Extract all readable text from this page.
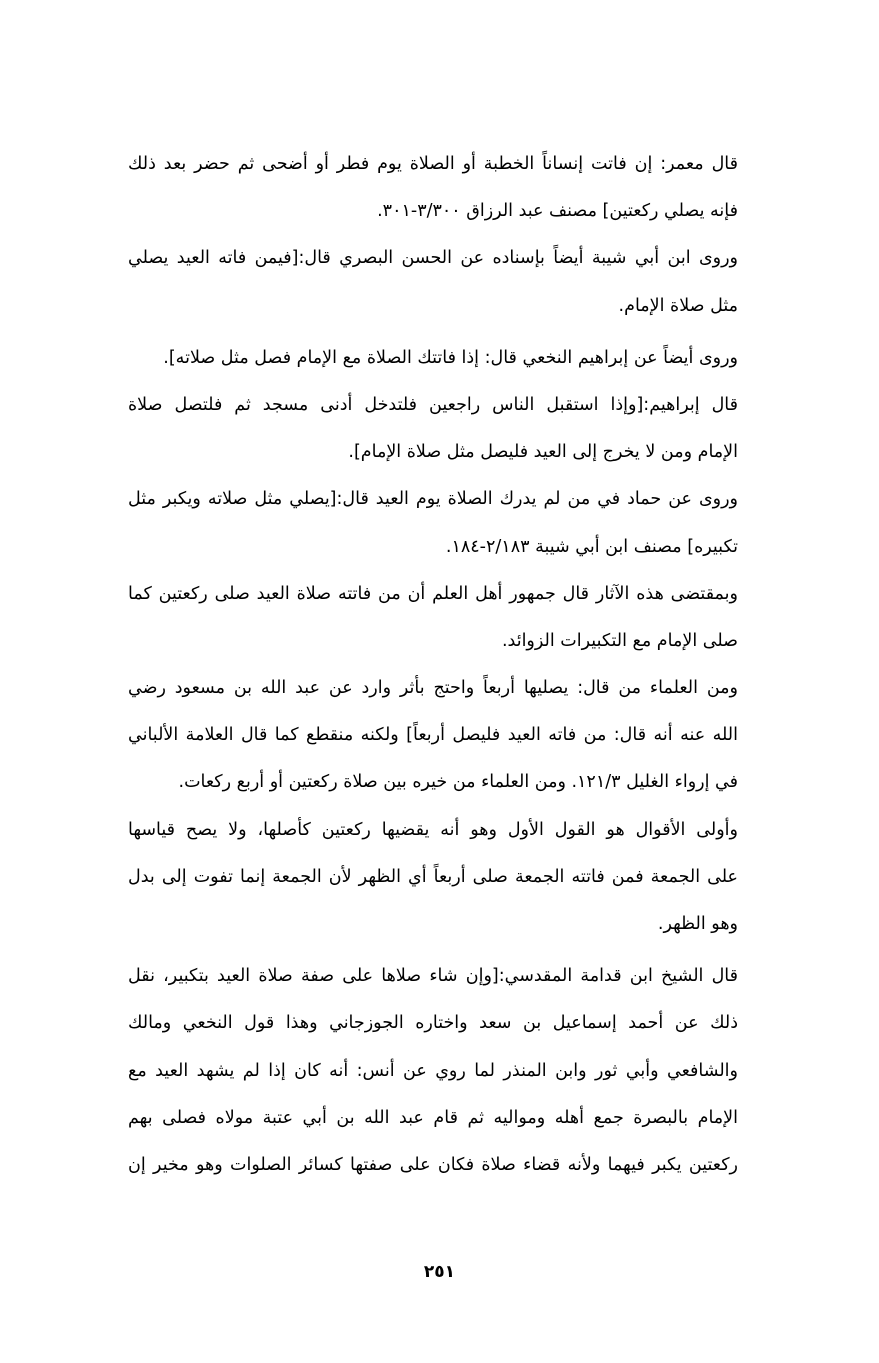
قال معمر: إن فاتت إنساناً الخطبة أو الصلاة يوم فطر أو أضحى ثم حضر بعد ذلك
فإنه يصلي ركعتين] مصنف عبد الرزاق ٣/٣٠٠-٣٠١.
وروى ابن أبي شيبة أيضاً بإسناده عن الحسن البصري قال:[فيمن فاته العيد يصلي
مثل صلاة الإمام.
وروى أيضاً عن إبراهيم النخعي قال: إذا فاتتك الصلاة مع الإمام فصل مثل صلاته].
قال إبراهيم:[وإذا استقبل الناس راجعين فلتدخل أدنى مسجد ثم فلتصل صلاة
الإمام ومن لا يخرج إلى العيد فليصل مثل صلاة الإمام].
وروى عن حماد في من لم يدرك الصلاة يوم العيد قال:[يصلي مثل صلاته ويكبر مثل
تكبيره] مصنف ابن أبي شيبة ٢/١٨٣-١٨٤.
وبمقتضى هذه الآثار قال جمهور أهل العلم أن من فاتته صلاة العيد صلى ركعتين كما
صلى الإمام مع التكبيرات الزوائد.
ومن العلماء من قال: يصليها أربعاً واحتج بأثر وارد عن عبد الله بن مسعود رضي
الله عنه أنه قال: من فاته العيد فليصل أربعاً] ولكنه منقطع كما قال العلامة الألباني
في إرواء الغليل ١٢١/٣. ومن العلماء من خيره بين صلاة ركعتين أو أربع ركعات.
وأولى الأقوال هو القول الأول وهو أنه يقضيها ركعتين كأصلها، ولا يصح قياسها
على الجمعة فمن فاتته الجمعة صلى أربعاً أي الظهر لأن الجمعة إنما تفوت إلى بدل
وهو الظهر.
قال الشيخ ابن قدامة المقدسي:[وإن شاء صلاها على صفة صلاة العيد بتكبير، نقل
ذلك عن أحمد إسماعيل بن سعد واختاره الجوزجاني وهذا قول النخعي ومالك
والشافعي وأبي ثور وابن المنذر لما روي عن أنس: أنه كان إذا لم يشهد العيد مع
الإمام بالبصرة جمع أهله ومواليه ثم قام عبد الله بن أبي عتبة مولاه فصلى بهم
ركعتين يكبر فيهما ولأنه قضاء صلاة فكان على صفتها كسائر الصلوات وهو مخير إن
٢٥١
